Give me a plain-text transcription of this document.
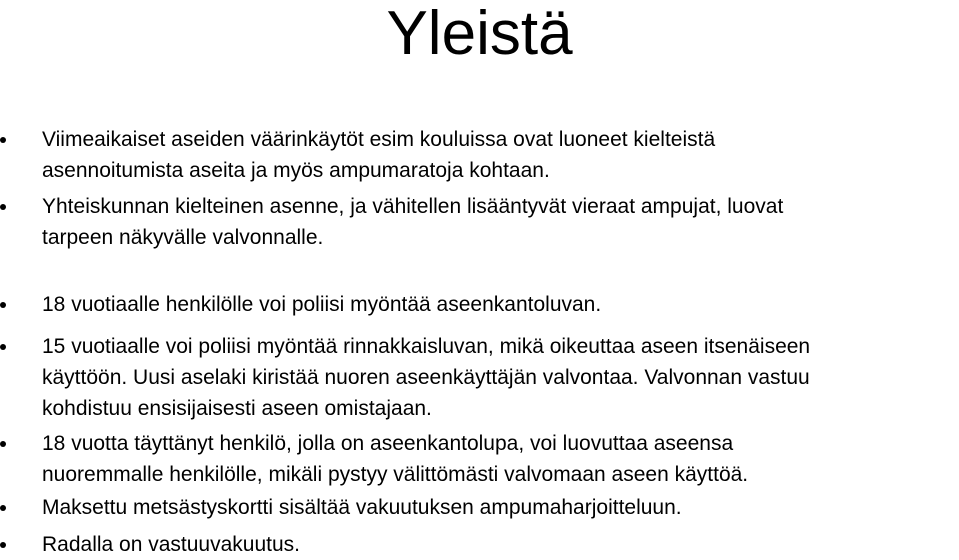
Yleistä
Viimeaikaiset aseiden väärinkäytöt esim kouluissa ovat luoneet kielteistä
asennoitumista aseita ja myös ampumaratoja kohtaan.
Yhteiskunnan kielteinen asenne, ja vähitellen lisääntyvät vieraat ampujat, luovat
tarpeen näkyvälle valvonnalle.
18 vuotiaalle henkilölle voi poliisi myöntää aseenkantoluvan.
15 vuotiaalle voi poliisi myöntää rinnakkaisluvan, mikä oikeuttaa aseen itsenäiseen
käyttöön. Uusi aselaki kiristää nuoren aseenkäyttäjän valvontaa. Valvonnan vastuu
kohdistuu ensisijaisesti aseen omistajaan.
18 vuotta täyttänyt henkilö, jolla on aseenkantolupa, voi luovuttaa aseensa
nuoremmalle henkilölle, mikäli pystyy välittömästi valvomaan aseen käyttöä.
Maksettu metsästyskortti sisältää vakuutuksen ampumaharjoitteluun.
Radalla on vastuuvakuutus.
